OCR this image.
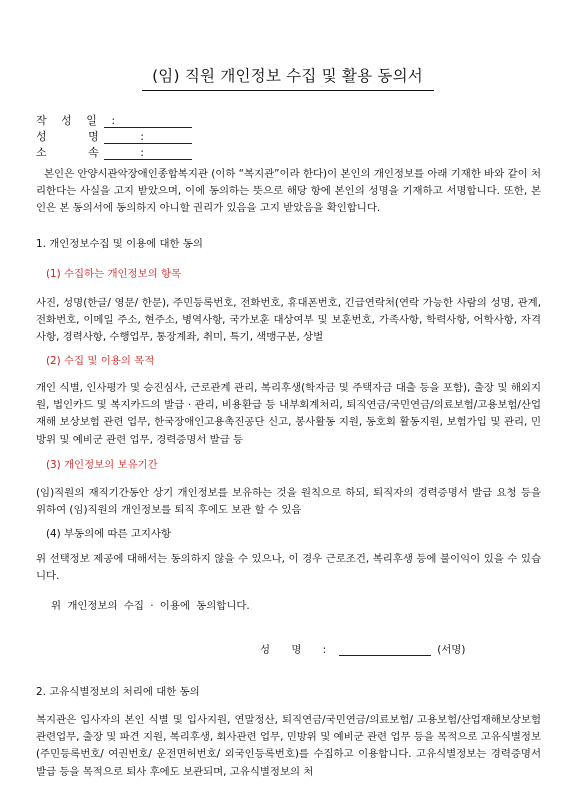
(임) 직원 개인정보 수집 및 활용 동의서
작 성 일 :
성 명 :
소 속 :

본인은 안양시관악장애인종합복지관 (이하 “복지관”이라 한다)이 본인의 개인정보를 아래 기재한 바와 같이 처리한다는 사실을 고지 받았으며, 이에 동의하는 뜻으로 해당 항에 본인의 성명을 기재하고 서명합니다. 또한, 본인은 본 동의서에 동의하지 아니할 권리가 있음을 고지 받았음을 확인합니다.

1. 개인정보수집 및 이용에 대한 동의
(1) 수집하는 개인정보의 항목

사진, 성명(한글/ 영문/ 한문), 주민등록번호, 전화번호, 휴대폰번호, 긴급연락처(연락 가능한 사람의 성명, 관계, 전화번호, 이메일 주소, 현주소, 병역사항, 국가보훈 대상여부 및 보훈번호, 가족사항, 학력사항, 어학사항, 자격사항, 경력사항, 수행업무, 통장계좌, 취미, 특기, 색맹구분, 상벌

(2) 수집 및 이용의 목적

개인 식별, 인사평가 및 승진심사, 근로관계 관리, 복리후생(학자금 및 주택자금 대출 등을 포함), 출장 및 해외지원, 법인카드 및 복지카드의 발급 · 관리, 비용환급 등 내부회계처리, 퇴직연금/국민연금/의료보험/고용보험/산업재해 보상보험 관련 업무, 한국장애인고용촉진공단 신고, 봉사활동 지원, 동호회 활동지원, 보험가입 및 관리, 민방위 및 예비군 관련 업무, 경력증명서 발급 등

(3) 개인정보의 보유기간

(임)직원의 재직기간동안 상기 개인정보를 보유하는 것을 원칙으로 하되, 퇴직자의 경력증명서 발급 요청 등을 위하여 (임)직원의 개인정보를 퇴직 후에도 보관 할 수 있음

(4) 부동의에 따른 고지사항

위 선택정보 제공에 대해서는 동의하지 않을 수 있으나, 이 경우 근로조건, 복리후생 등에 불이익이 있을 수 있습니다.

위 개인정보의 수집 · 이용에 동의합니다.
성 명 :	(서명)
2. 고유식별정보의 처리에 대한 동의

복지관은 입사자의 본인 식별 및 입사지원, 연말정산, 퇴직연금/국민연금/의료보험/ 고용보험/산업재해보상보험 관련업무, 출장 및 파견 지원, 복리후생, 회사관련 업무, 민방위 및 예비군 관련 업무 등을 목적으로 고유식별정보(주민등록번호/ 여권번호/ 운전면허번호/ 외국인등록번호)를 수집하고 이용합니다. 고유식별정보는 경력증명서 발급 등을 목적으로 퇴사 후에도 보관되며, 고유식별정보의 처
